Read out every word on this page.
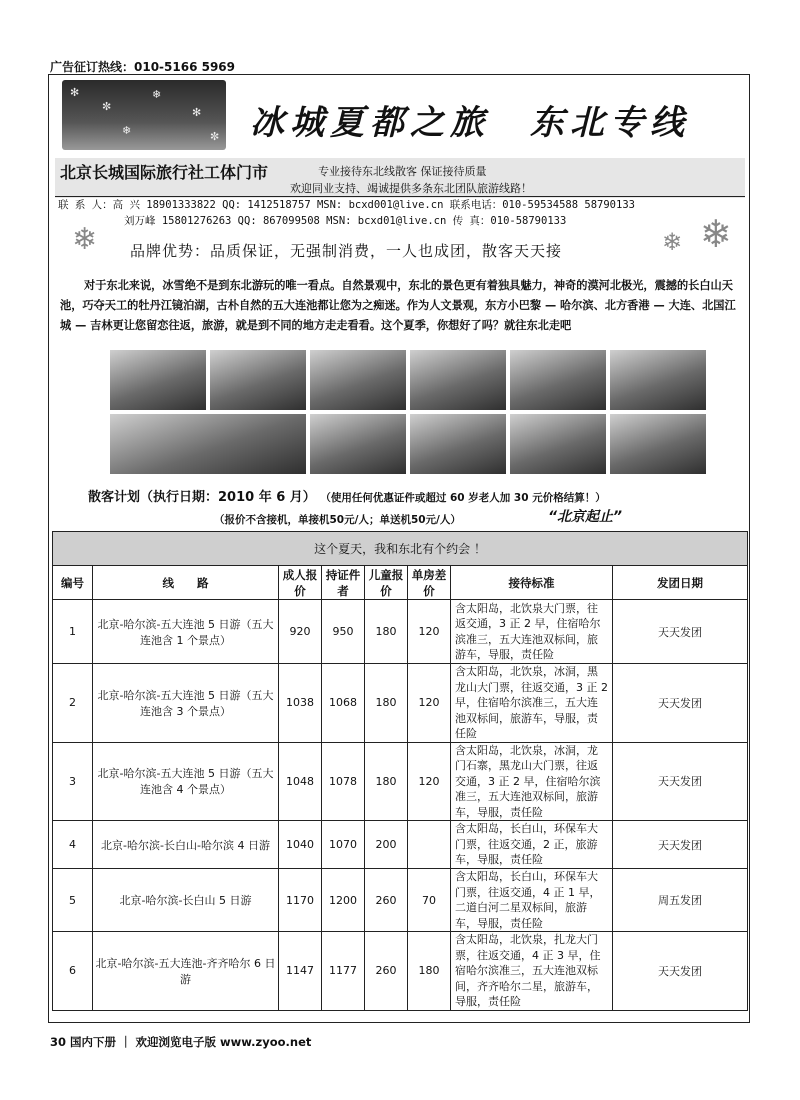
广告征订热线：010-5166 5969
✻
✼
❄
✻
❄	✼ 冰城夏都之旅　东北专线
北京长城国际旅行社工体门市	专业接待东北线散客 保证接待质量
欢迎同业支持、竭诚提供多条东北团队旅游线路！
联 系 人：高 兴 18901333822 QQ: 1412518757 MSN: bcxd001@live.cn 联系电话：010-59534588 58790133
刘万峰 15801276263 QQ: 867099508 MSN: bcxd01@live.cn 传 真：010-58790133
❄ 品牌优势：品质保证，无强制消费，一人也成团，散客天天接	❄ ❄
对于东北来说，冰雪绝不是到东北游玩的唯一看点。自然景观中，东北的景色更有着独具魅力，神奇的漠河北极光，震撼的长白山天池，巧夺天工的牡丹江镜泊湖，古朴自然的五大连池都让您为之痴迷。作为人文景观，东方小巴黎 — 哈尔滨、北方香港 — 大连、北国江城 — 吉林更让您留恋往返，旅游，就是到不同的地方走走看看。这个夏季，你想好了吗？就往东北走吧
散客计划（执行日期：2010 年 6 月） （使用任何优惠证件或超过 60 岁老人加 30 元价格结算！）
（报价不含接机，单接机50元/人；单送机50元/人）	“北京起止”
这个夏天，我和东北有个约会 ！							
编号	线　　路	成人报价	持证件者	儿童报价	单房差价	接待标准	发团日期
1	北京-哈尔滨-五大连池 5 日游（五大连池含 1 个景点）	920	950	180	120	含太阳岛，北饮泉大门票，往返交通，3 正 2 早，住宿哈尔滨准三，五大连池双标间，旅游车，导服，责任险	天天发团
2	北京-哈尔滨-五大连池 5 日游（五大连池含 3 个景点）	1038	1068	180	120	含太阳岛，北饮泉，冰洞，黑龙山大门票，往返交通，3 正 2 早，住宿哈尔滨准三，五大连池双标间，旅游车，导服，责任险	天天发团
3	北京-哈尔滨-五大连池 5 日游（五大连池含 4 个景点）	1048	1078	180	120	含太阳岛，北饮泉，冰洞，龙门石寨，黑龙山大门票，往返交通，3 正 2 早，住宿哈尔滨准三，五大连池双标间，旅游车，导服，责任险	天天发团
4	北京-哈尔滨-长白山-哈尔滨 4 日游	1040	1070	200		含太阳岛，长白山，环保车大门票，往返交通，2 正，旅游车，导服，责任险	天天发团
5	北京-哈尔滨-长白山 5 日游	1170	1200	260	70	含太阳岛，长白山，环保车大门票，往返交通，4 正 1 早，二道白河二星双标间，旅游车，导服，责任险	周五发团
6	北京-哈尔滨-五大连池-齐齐哈尔 6 日游	1147	1177	260	180	含太阳岛，北饮泉，扎龙大门票，往返交通，4 正 3 早，住宿哈尔滨准三，五大连池双标间，齐齐哈尔二星，旅游车，导服，责任险	天天发团
30 国内下册 ｜ 欢迎浏览电子版 www.zyoo.net
